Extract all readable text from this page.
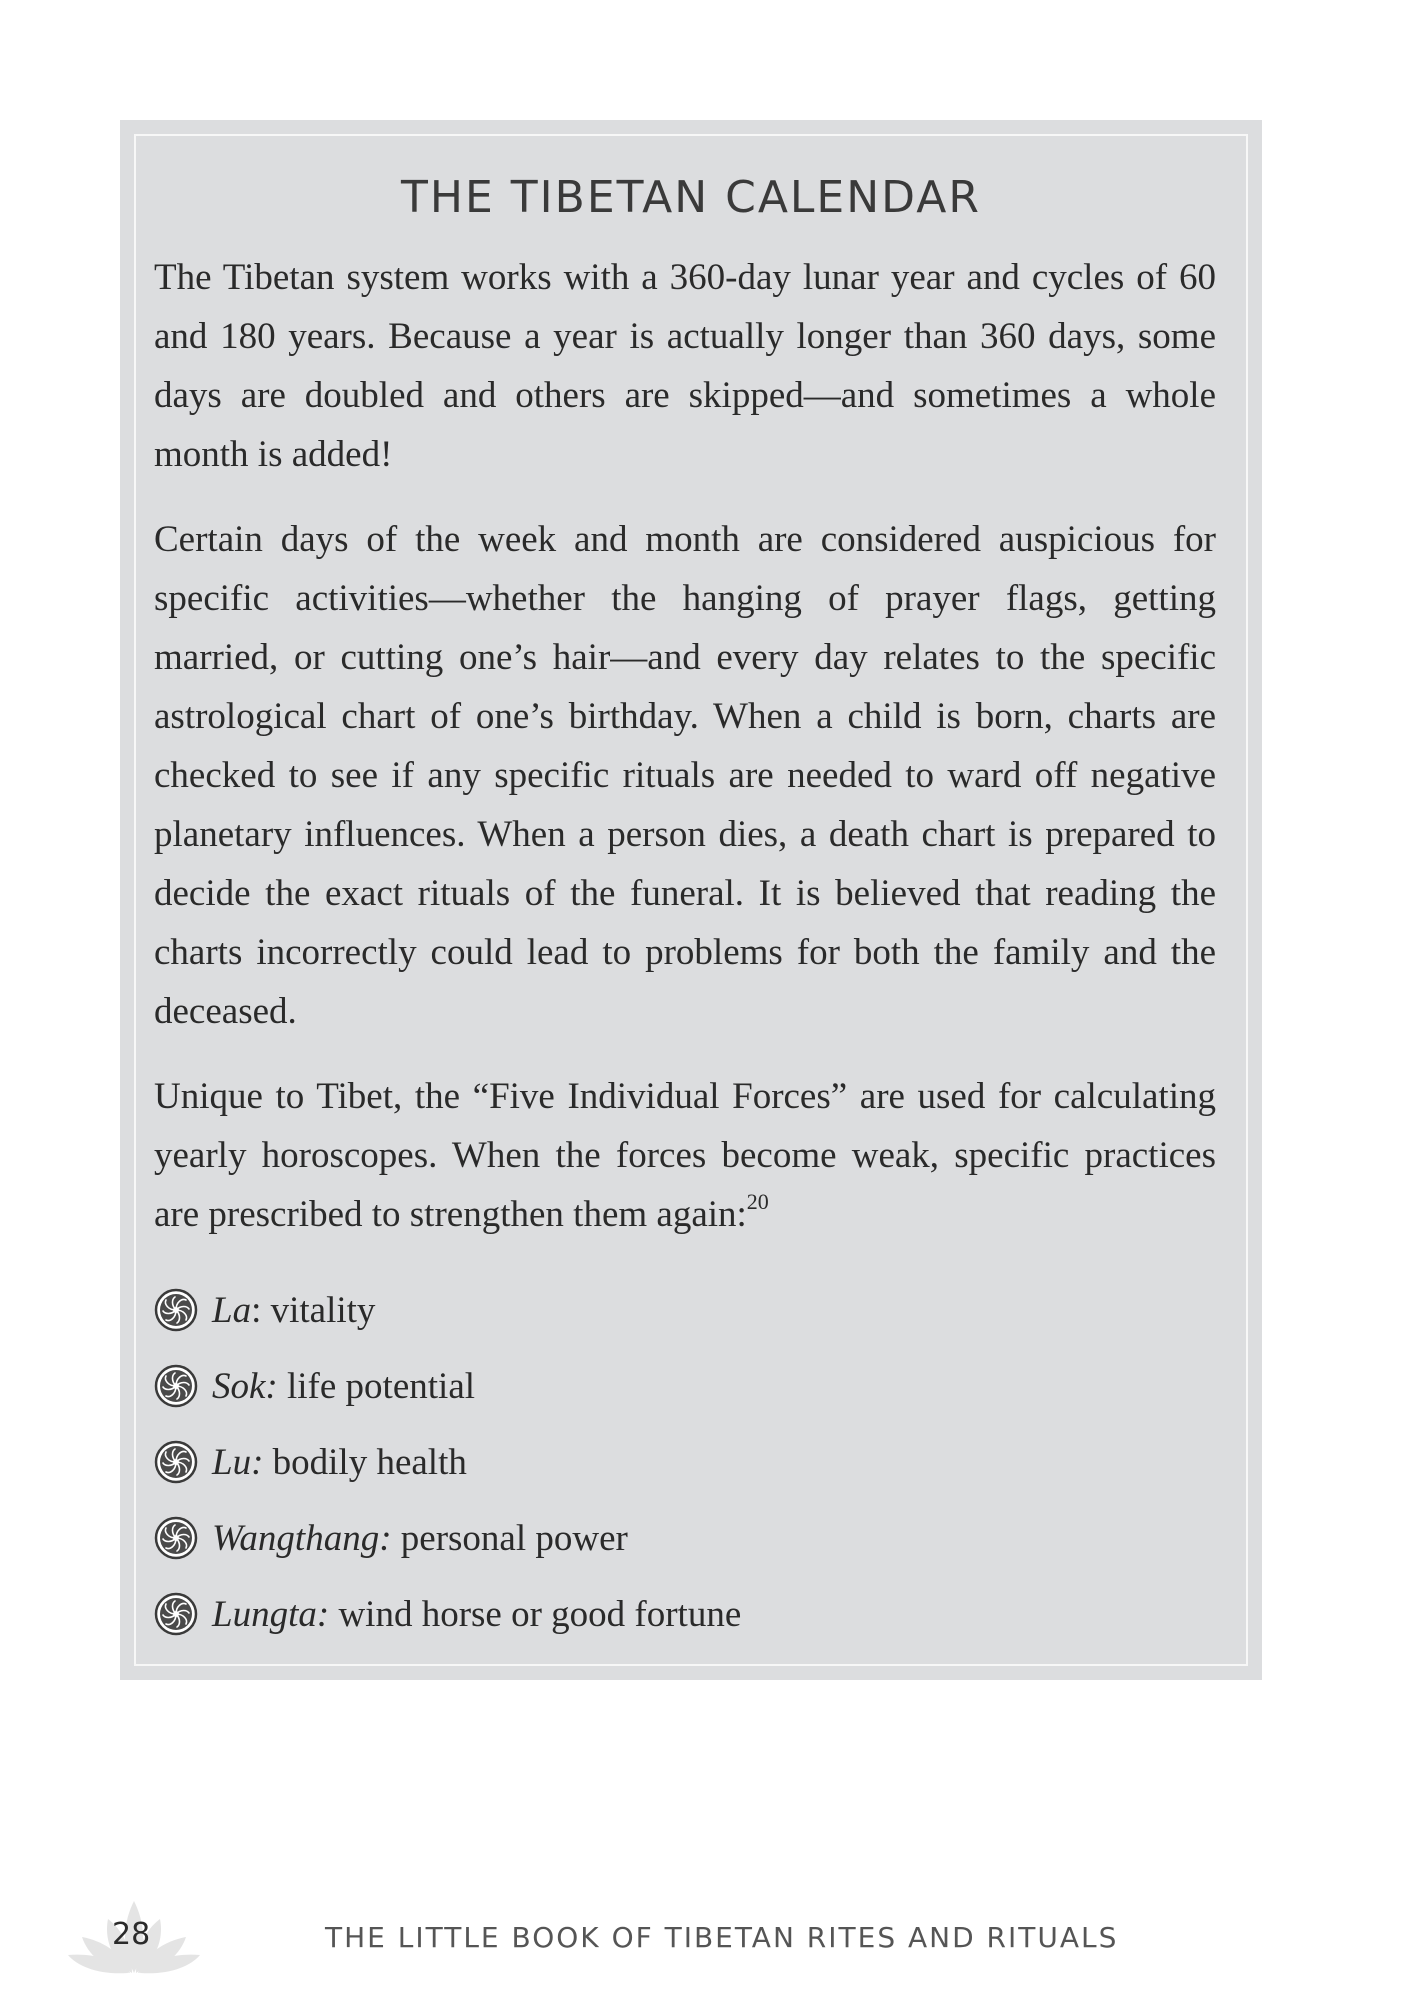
THE TIBETAN CALENDAR

The Tibetan system works with a 360-day lunar year and cycles of 60 and 180 years. Because a year is actually longer than 360 days, some days are doubled and others are skipped—and sometimes a whole month is added!

Certain days of the week and month are considered auspicious for specific activities—whether the hanging of prayer flags, getting married, or cutting one’s hair—and every day relates to the specific astrological chart of one’s birthday. When a child is born, charts are checked to see if any specific rituals are needed to ward off negative planetary influences. When a person dies, a death chart is prepared to decide the exact rituals of the funeral. It is believed that reading the charts incorrectly could lead to problems for both the family and the deceased.

Unique to Tibet, the “Five Individual Forces” are used for calculating yearly horoscopes. When the forces become weak, specific practices are prescribed to strengthen them again:$^{20}$

La: vitality
Sok: life potential
Lu: bodily health
Wangthang: personal power
Lungta: wind horse or good fortune
28	THE LITTLE BOOK OF TIBETAN RITES AND RITUALS
